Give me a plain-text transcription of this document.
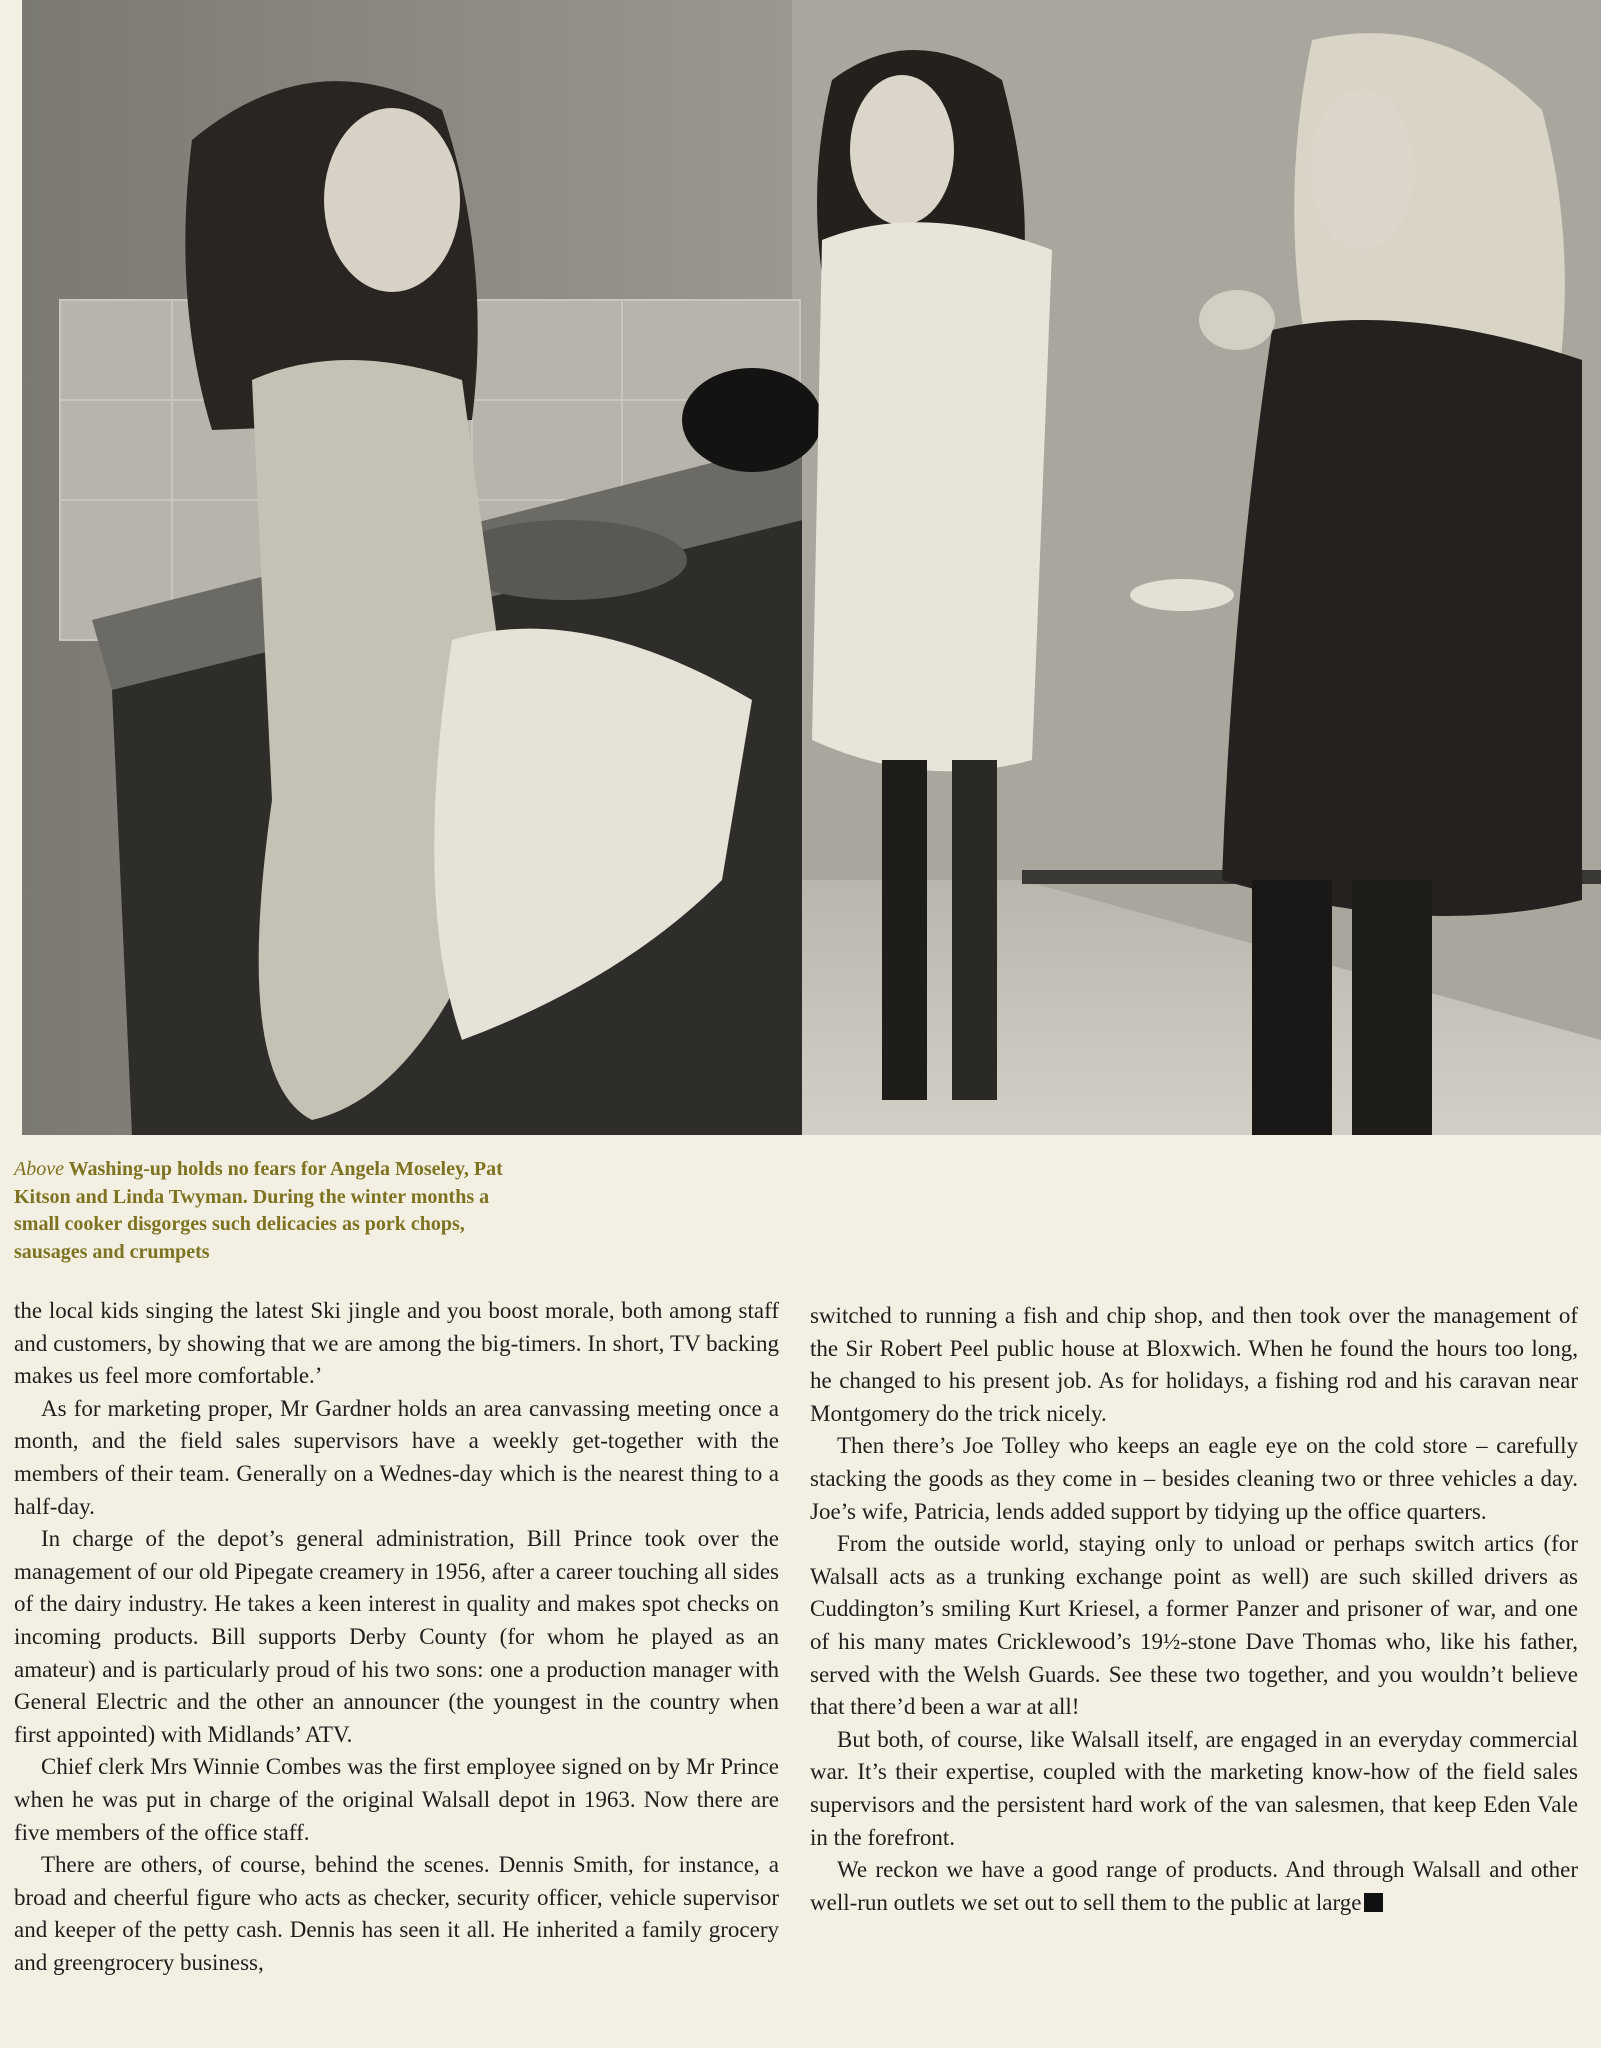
Above Washing-up holds no fears for Angela Moseley, Pat Kitson and Linda Twyman. During the winter months a small cooker disgorges such delicacies as pork chops, sausages and crumpets

the local kids singing the latest Ski jingle and you boost morale, both among staff and customers, by showing that we are among the big-timers. In short, TV backing makes us feel more comfortable.’

As for marketing proper, Mr Gardner holds an area canvassing meeting once a month, and the field sales supervisors have a weekly get-together with the members of their team. Generally on a Wednes-day which is the nearest thing to a half-day.

In charge of the depot’s general administration, Bill Prince took over the management of our old Pipegate creamery in 1956, after a career touching all sides of the dairy industry. He takes a keen interest in quality and makes spot checks on incoming products. Bill supports Derby County (for whom he played as an amateur) and is particularly proud of his two sons: one a production manager with General Electric and the other an announcer (the youngest in the country when first appointed) with Midlands’ ATV.

Chief clerk Mrs Winnie Combes was the first employee signed on by Mr Prince when he was put in charge of the original Walsall depot in 1963. Now there are five members of the office staff.

There are others, of course, behind the scenes. Dennis Smith, for instance, a broad and cheerful figure who acts as checker, security officer, vehicle supervisor and keeper of the petty cash. Dennis has seen it all. He inherited a family grocery and greengrocery business,

switched to running a fish and chip shop, and then took over the management of the Sir Robert Peel public house at Bloxwich. When he found the hours too long, he changed to his present job. As for holidays, a fishing rod and his caravan near Montgomery do the trick nicely.

Then there’s Joe Tolley who keeps an eagle eye on the cold store – carefully stacking the goods as they come in – besides cleaning two or three vehicles a day. Joe’s wife, Patricia, lends added support by tidying up the office quarters.

From the outside world, staying only to unload or perhaps switch artics (for Walsall acts as a trunking exchange point as well) are such skilled drivers as Cuddington’s smiling Kurt Kriesel, a former Panzer and prisoner of war, and one of his many mates Cricklewood’s 19½-stone Dave Thomas who, like his father, served with the Welsh Guards. See these two together, and you wouldn’t believe that there’d been a war at all!

But both, of course, like Walsall itself, are engaged in an everyday commercial war. It’s their expertise, coupled with the marketing know-how of the field sales supervisors and the persistent hard work of the van salesmen, that keep Eden Vale in the forefront.

We reckon we have a good range of products. And through Walsall and other well-run outlets we set out to sell them to the public at large
